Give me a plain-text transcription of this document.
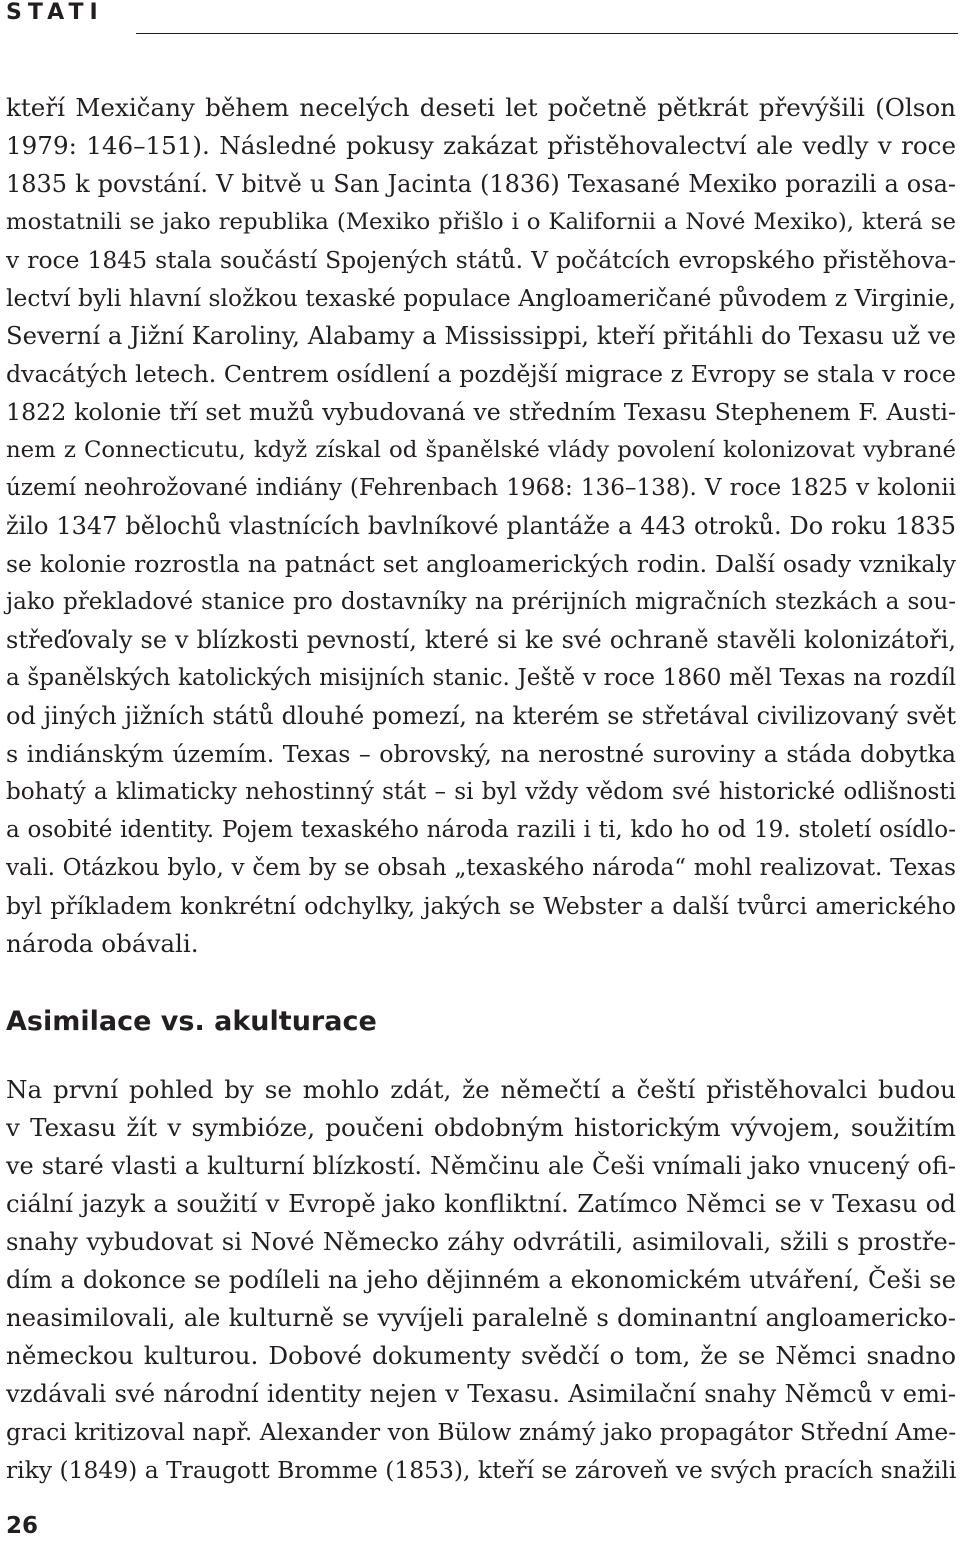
STATI
kteří Mexičany během necelých deseti let početně pětkrát převýšili (Olson
1979: 146–151). Následné pokusy zakázat přistěhovalectví ale vedly v roce
1835 k povstání. V bitvě u San Jacinta (1836) Texasané Mexiko porazili a osa-
mostatnili se jako republika (Mexiko přišlo i o Kalifornii a Nové Mexiko), která se
v roce 1845 stala součástí Spojených států. V počátcích evropského přistěhova-
lectví byli hlavní složkou texaské populace Angloameričané původem z Virginie,
Severní a Jižní Karoliny, Alabamy a Mississippi, kteří přitáhli do Texasu už ve
dvacátých letech. Centrem osídlení a pozdější migrace z Evropy se stala v roce
1822 kolonie tří set mužů vybudovaná ve středním Texasu Stephenem F. Austi-
nem z Connecticutu, když získal od španělské vlády povolení kolonizovat vybrané
území neohrožované indiány (Fehrenbach 1968: 136–138). V roce 1825 v kolonii
žilo 1347 bělochů vlastnících bavlníkové plantáže a 443 otroků. Do roku 1835
se kolonie rozrostla na patnáct set angloamerických rodin. Další osady vznikaly
jako překladové stanice pro dostavníky na prérijních migračních stezkách a sou-
střeďovaly se v blízkosti pevností, které si ke své ochraně stavěli kolonizátoři,
a španělských katolických misijních stanic. Ještě v roce 1860 měl Texas na rozdíl
od jiných jižních států dlouhé pomezí, na kterém se střetával civilizovaný svět
s indiánským územím. Texas – obrovský, na nerostné suroviny a stáda dobytka
bohatý a klimaticky nehostinný stát – si byl vždy vědom své historické odlišnosti
a osobité identity. Pojem texaského národa razili i ti, kdo ho od 19. století osídlo-
vali. Otázkou bylo, v čem by se obsah „texaského národa“ mohl realizovat. Texas
byl příkladem konkrétní odchylky, jakých se Webster a další tvůrci amerického
národa obávali.
Asimilace vs. akulturace
Na první pohled by se mohlo zdát, že němečtí a čeští přistěhovalci budou
v Texasu žít v symbióze, poučeni obdobným historickým vývojem, soužitím
ve staré vlasti a kulturní blízkostí. Němčinu ale Češi vnímali jako vnucený ofi-
ciální jazyk a soužití v Evropě jako konfliktní. Zatímco Němci se v Texasu od
snahy vybudovat si Nové Německo záhy odvrátili, asimilovali, sžili s prostře-
dím a dokonce se podíleli na jeho dějinném a ekonomickém utváření, Češi se
neasimilovali, ale kulturně se vyvíjeli paralelně s dominantní angloamericko-
německou kulturou. Dobové dokumenty svědčí o tom, že se Němci snadno
vzdávali své národní identity nejen v Texasu. Asimilační snahy Němců v emi-
graci kritizoval např. Alexander von Bülow známý jako propagátor Střední Ame-
riky (1849) a Traugott Bromme (1853), kteří se zároveň ve svých pracích snažili
26
